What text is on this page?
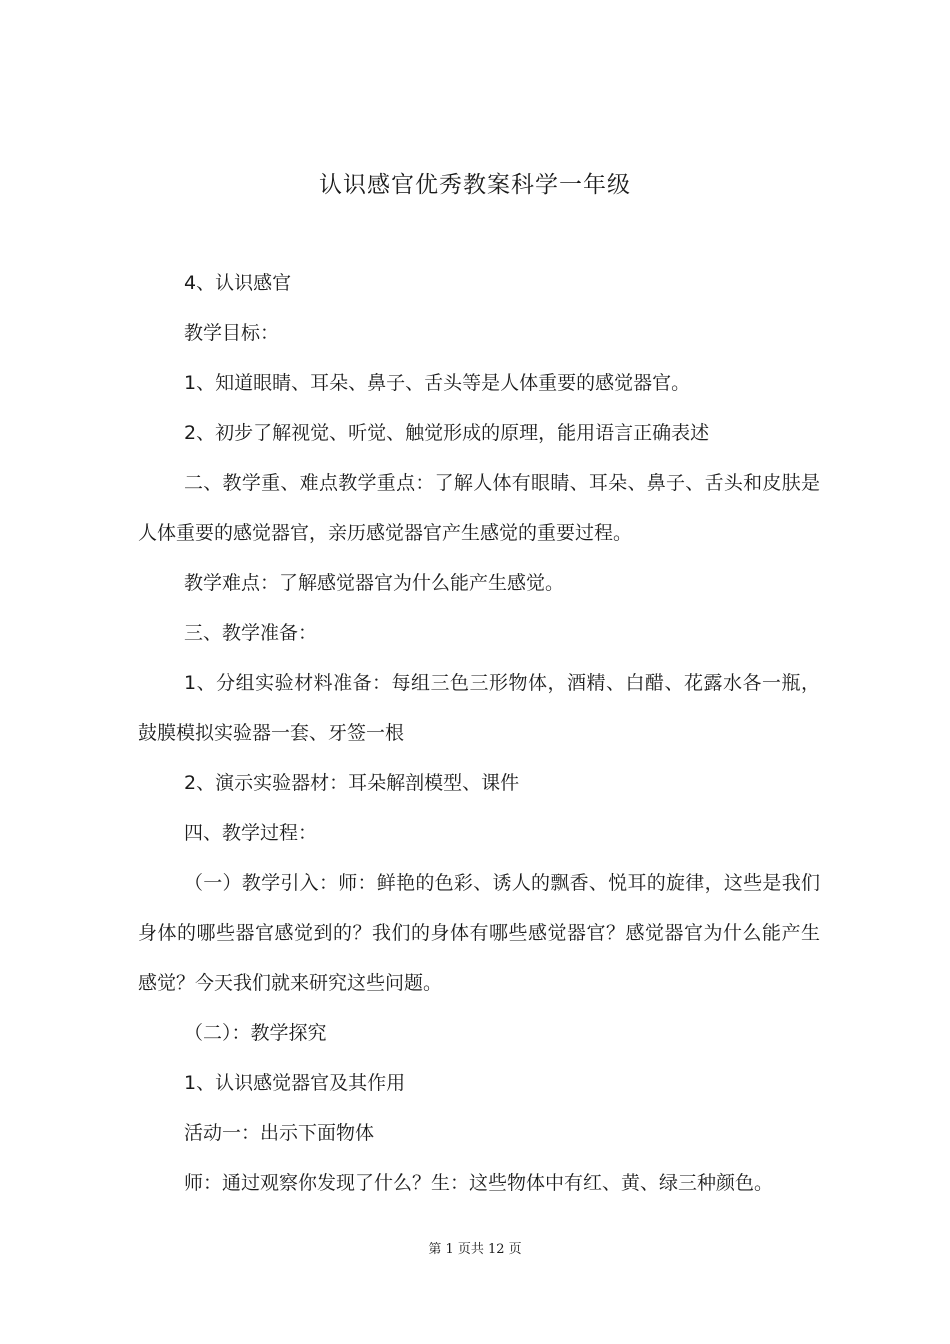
认识感官优秀教案科学一年级

4、认识感官

教学目标：

1、知道眼睛、耳朵、鼻子、舌头等是人体重要的感觉器官。

2、初步了解视觉、听觉、触觉形成的原理，能用语言正确表述

二、教学重、难点教学重点：了解人体有眼睛、耳朵、鼻子、舌头和皮肤是人体重要的感觉器官，亲历感觉器官产生感觉的重要过程。

教学难点：了解感觉器官为什么能产生感觉。

三、教学准备：

1、分组实验材料准备：每组三色三形物体，酒精、白醋、花露水各一瓶，鼓膜模拟实验器一套、牙签一根

2、演示实验器材：耳朵解剖模型、课件

四、教学过程：

（一）教学引入：师：鲜艳的色彩、诱人的飘香、悦耳的旋律，这些是我们身体的哪些器官感觉到的？我们的身体有哪些感觉器官？感觉器官为什么能产生感觉？今天我们就来研究这些问题。

（二）：教学探究

1、认识感觉器官及其作用

活动一：出示下面物体

师：通过观察你发现了什么？生：这些物体中有红、黄、绿三种颜色。

第 1 页共 12 页
